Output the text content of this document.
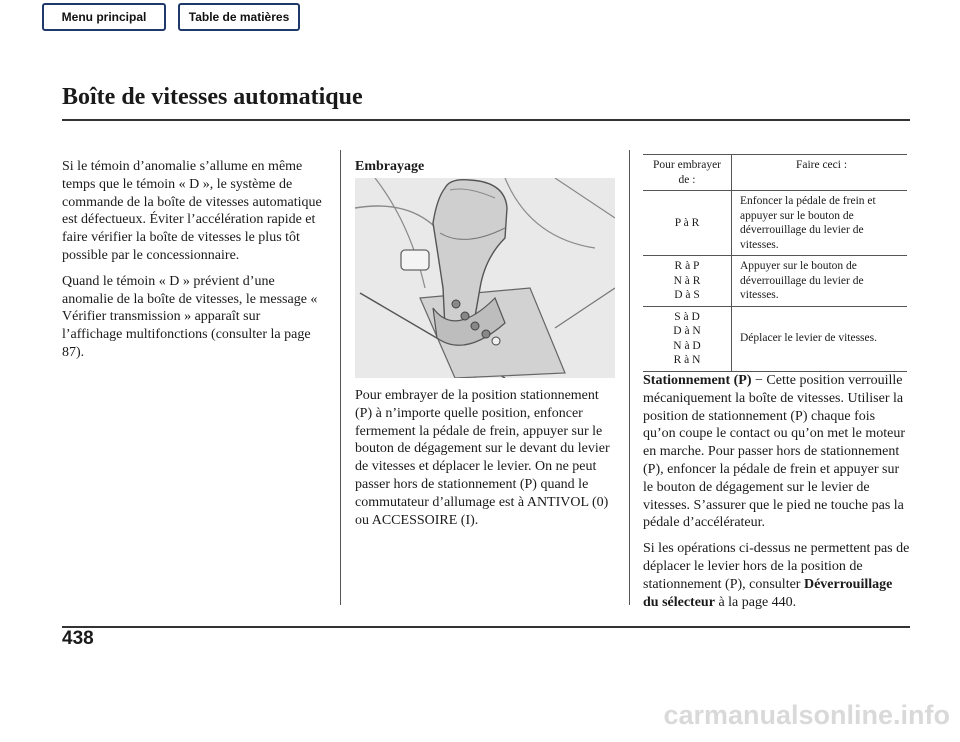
Menu principal	Table de matières
Boîte de vitesses automatique

Si le témoin d’anomalie s’allume en même temps que le témoin « D », le système de commande de la boîte de vitesses automatique est défectueux. Éviter l’accélération rapide et faire vérifier la boîte de vitesses le plus tôt possible par le concessionnaire.

Quand le témoin « D » prévient d’une anomalie de la boîte de vitesses, le message « Vérifier transmission » apparaît sur l’affichage multifonctions (consulter la page 87).

Embrayage

Pour embrayer de la position stationnement (P) à n’importe quelle position, enfoncer fermement la pédale de frein, appuyer sur le bouton de dégagement sur le devant du levier de vitesses et déplacer le levier. On ne peut passer hors de stationnement (P) quand le commutateur d’allumage est à ANTIVOL (0) ou ACCESSOIRE (I).

Pour embrayer de :	Faire ceci :

P à R	Enfoncer la pédale de frein et appuyer sur le bouton de déverrouillage du levier de vitesses.

R à P
N à R
D à S	Appuyer sur le bouton de déverrouillage du levier de vitesses.

S à D
D à N
N à D
R à N	Déplacer le levier de vitesses.

Stationnement (P) − Cette position verrouille mécaniquement la boîte de vitesses. Utiliser la position de stationnement (P) chaque fois qu’on coupe le contact ou qu’on met le moteur en marche. Pour passer hors de stationnement (P), enfoncer la pédale de frein et appuyer sur le bouton de dégagement sur le levier de vitesses. S’assurer que le pied ne touche pas la pédale d’accélérateur.

Si les opérations ci-dessus ne permettent pas de déplacer le levier hors de la position de stationnement (P), consulter Déverrouillage du sélecteur à la page 440.

438
carmanualsonline.info
